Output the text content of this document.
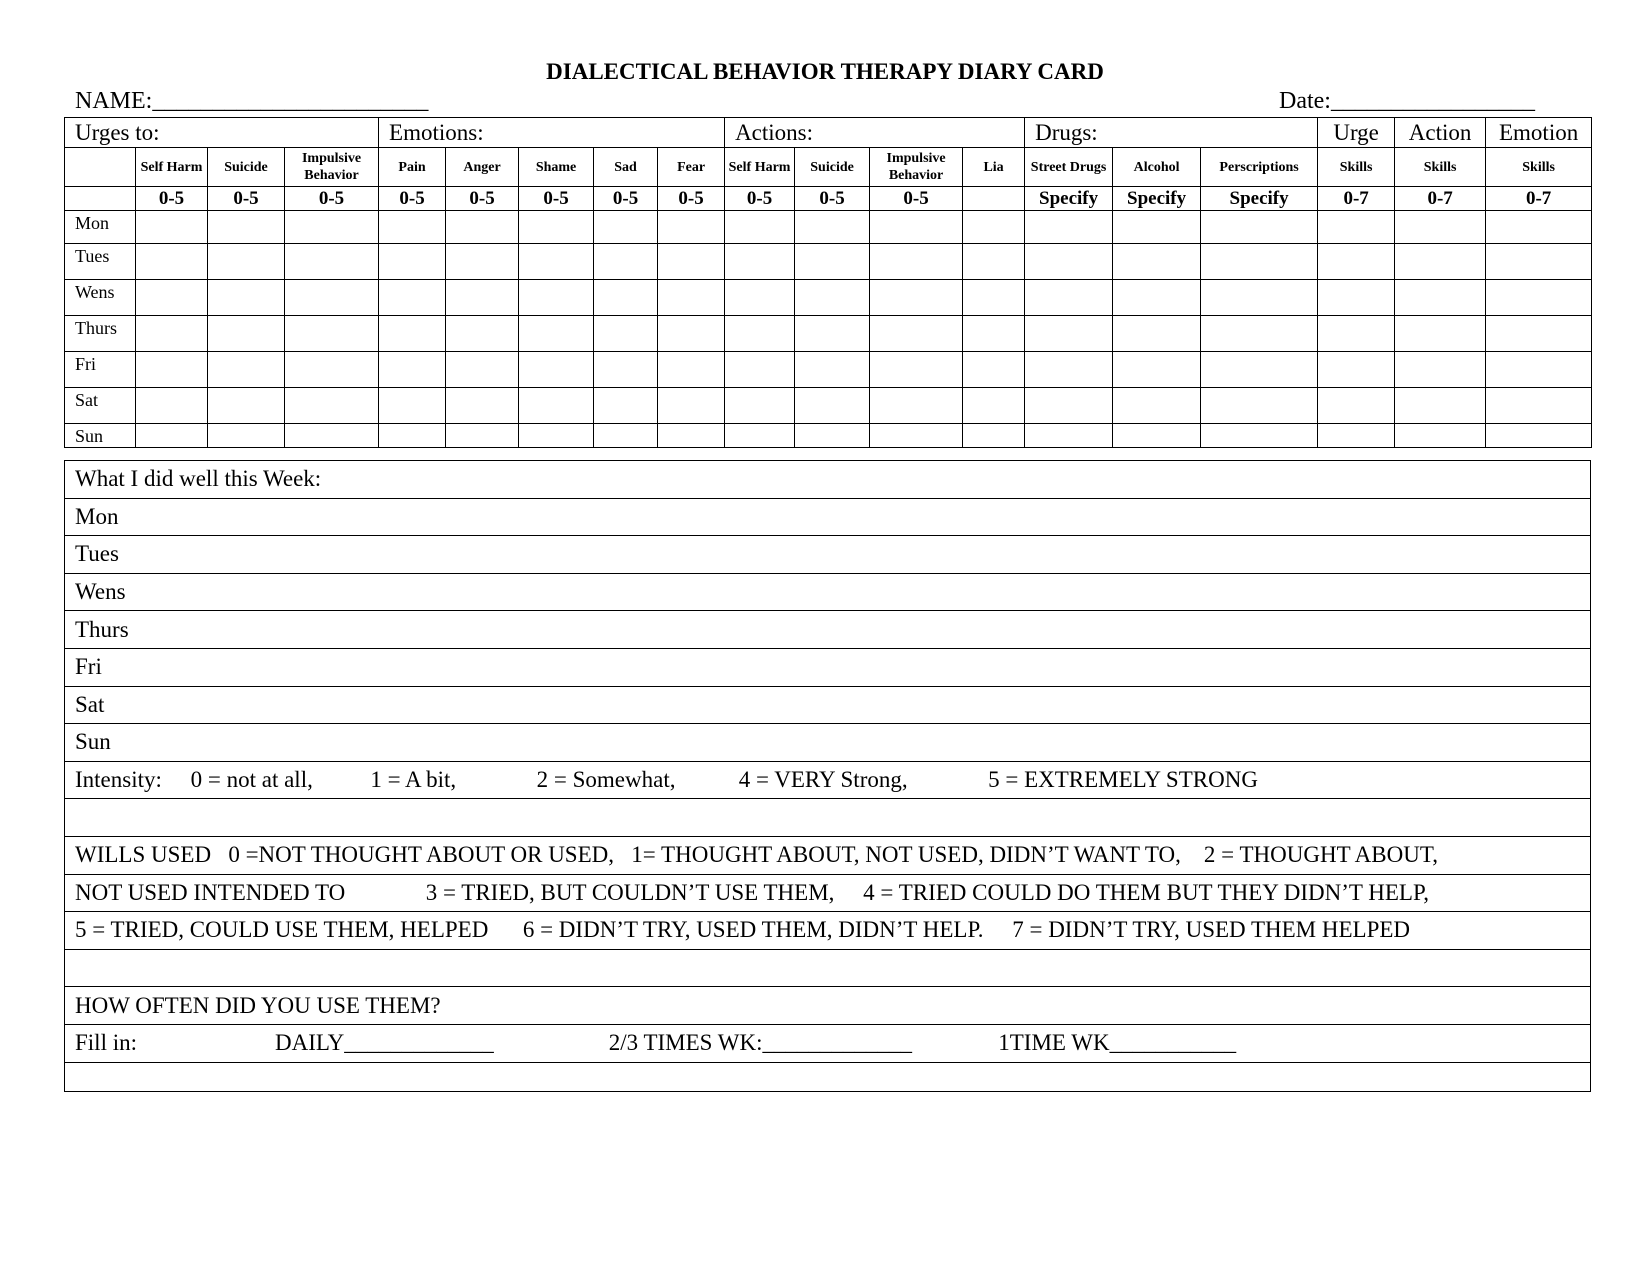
DIALECTICAL BEHAVIOR THERAPY DIARY CARD
NAME:_______________________	Date:_________________
Urges to:				Emotions:					Actions:				Drugs:			Urge	Action	Emotion
	Self Harm	Suicide	Impulsive Behavior	Pain	Anger	Shame	Sad	Fear	Self Harm	Suicide	Impulsive Behavior	Lia	Street Drugs	Alcohol	Perscriptions	Skills	Skills	Skills
	0-5	0-5	0-5	0-5	0-5	0-5	0-5	0-5	0-5	0-5	0-5		Specify	Specify	Specify	0-7	0-7	0-7
Mon																		
Tues																		
Wens																		
Thurs																		
Fri																		
Sat																		
Sun																		
What I did well this Week:
Mon
Tues
Wens
Thurs
Fri
Sat
Sun
Intensity:     0 = not at all,          1 = A bit,              2 = Somewhat,           4 = VERY Strong,              5 = EXTREMELY STRONG

WILLS USED   0 =NOT THOUGHT ABOUT OR USED,   1= THOUGHT ABOUT, NOT USED, DIDN’T WANT TO,    2 = THOUGHT ABOUT,
NOT USED INTENDED TO              3 = TRIED, BUT COULDN’T USE THEM,     4 = TRIED COULD DO THEM BUT THEY DIDN’T HELP,
5 = TRIED, COULD USE THEM, HELPED      6 = DIDN’T TRY, USED THEM, DIDN’T HELP.     7 = DIDN’T TRY, USED THEM HELPED

HOW OFTEN DID YOU USE THEM?
Fill in:                        DAILY_____________                    2/3 TIMES WK:_____________               1TIME WK___________
